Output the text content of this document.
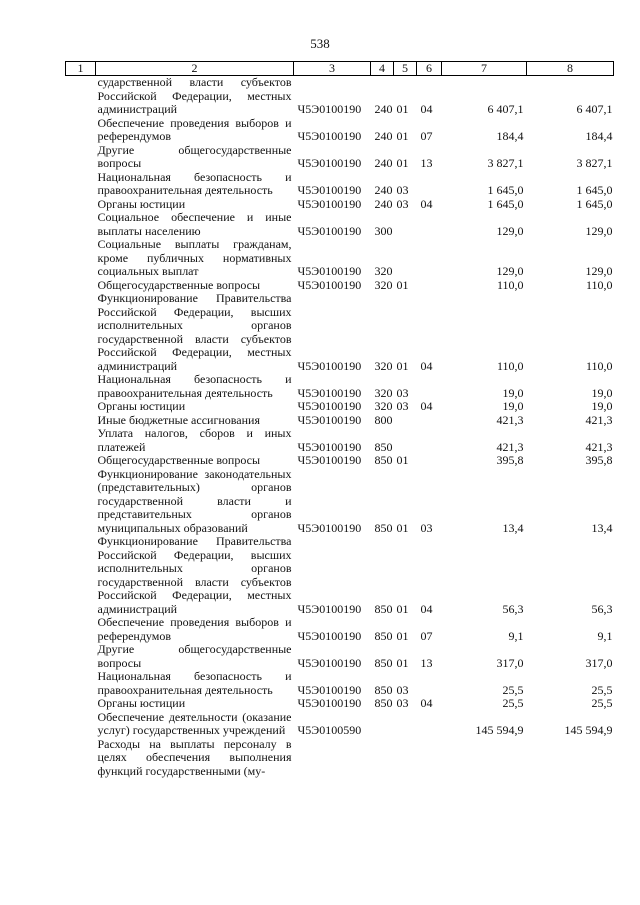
538
1	2	3	4	5	6	7	8
	сударственной власти субъектов Российской Федерации, местных администраций	Ч5Э0100190	240	01	04	6 407,1	6 407,1
	Обеспечение проведения выборов и референдумов	Ч5Э0100190	240	01	07	184,4	184,4
	Другие общегосударственные вопросы	Ч5Э0100190	240	01	13	3 827,1	3 827,1
	Национальная безопасность и правоохранительная деятельность	Ч5Э0100190	240	03		1 645,0	1 645,0
	Органы юстиции	Ч5Э0100190	240	03	04	1 645,0	1 645,0
	Социальное обеспечение и иные выплаты населению	Ч5Э0100190	300			129,0	129,0
	Социальные выплаты гражданам, кроме публичных нормативных социальных выплат	Ч5Э0100190	320			129,0	129,0
	Общегосударственные вопросы	Ч5Э0100190	320	01		110,0	110,0
	Функционирование Правительства Российской Федерации, высших исполнительных органов государственной власти субъектов Российской Федерации, местных администраций	Ч5Э0100190	320	01	04	110,0	110,0
	Национальная безопасность и правоохранительная деятельность	Ч5Э0100190	320	03		19,0	19,0
	Органы юстиции	Ч5Э0100190	320	03	04	19,0	19,0
	Иные бюджетные ассигнования	Ч5Э0100190	800			421,3	421,3
	Уплата налогов, сборов и иных платежей	Ч5Э0100190	850			421,3	421,3
	Общегосударственные вопросы	Ч5Э0100190	850	01		395,8	395,8
	Функционирование законодательных (представительных) органов государственной власти и представительных органов муниципальных образований	Ч5Э0100190	850	01	03	13,4	13,4
	Функционирование Правительства Российской Федерации, высших исполнительных органов государственной власти субъектов Российской Федерации, местных администраций	Ч5Э0100190	850	01	04	56,3	56,3
	Обеспечение проведения выборов и референдумов	Ч5Э0100190	850	01	07	9,1	9,1
	Другие общегосударственные вопросы	Ч5Э0100190	850	01	13	317,0	317,0
	Национальная безопасность и правоохранительная деятельность	Ч5Э0100190	850	03		25,5	25,5
	Органы юстиции	Ч5Э0100190	850	03	04	25,5	25,5
	Обеспечение деятельности (оказание услуг) государственных учреждений	Ч5Э0100590				145 594,9	145 594,9
	Расходы на выплаты персоналу в целях обеспечения выполнения функций государственными (му-						
